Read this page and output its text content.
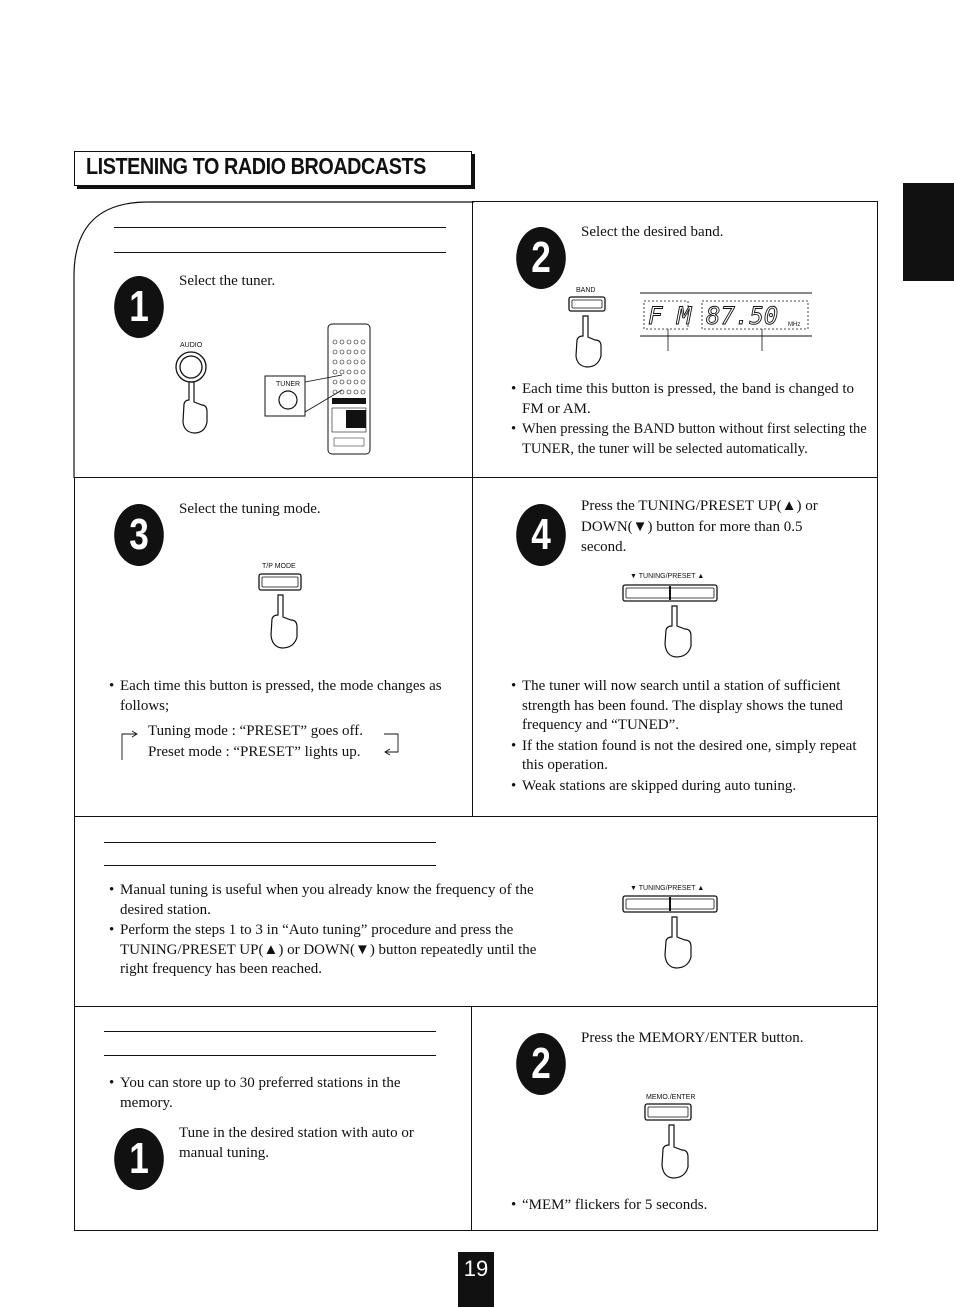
LISTENING TO RADIO BROADCASTS
1
Select the tuner.
AUDIO
TUNER
2
Select the desired band.
BAND
F M 87.50 MHz
• Each time this button is pressed, the band is changed to FM or AM.
• When pressing the BAND button without first selecting the TUNER, the tuner will be selected automatically.
3
Select the tuning mode.
T/P MODE
• Each time this button is pressed, the mode changes as follows;
Tuning mode : “PRESET” goes off.
Preset mode : “PRESET” lights up.
4
Press the TUNING/PRESET UP(▲) or DOWN(▼) button for more than 0.5 second.
▼ TUNING/PRESET ▲
• The tuner will now search until a station of sufficient strength has been found. The display shows the tuned frequency and “TUNED”.
• If the station found is not the desired one, simply repeat this operation.
• Weak stations are skipped during auto tuning.
• Manual tuning is useful when you already know the frequency of the desired station.
• Perform the steps 1 to 3 in “Auto tuning” procedure and press the TUNING/PRESET UP(▲) or DOWN(▼) button repeatedly until the right frequency has been reached.
▼ TUNING/PRESET ▲
• You can store up to 30 preferred stations in the memory.
1
Tune in the desired station with auto or manual tuning.
2
Press the MEMORY/ENTER button.
MEMO./ENTER
• “MEM” flickers for 5 seconds.
19
